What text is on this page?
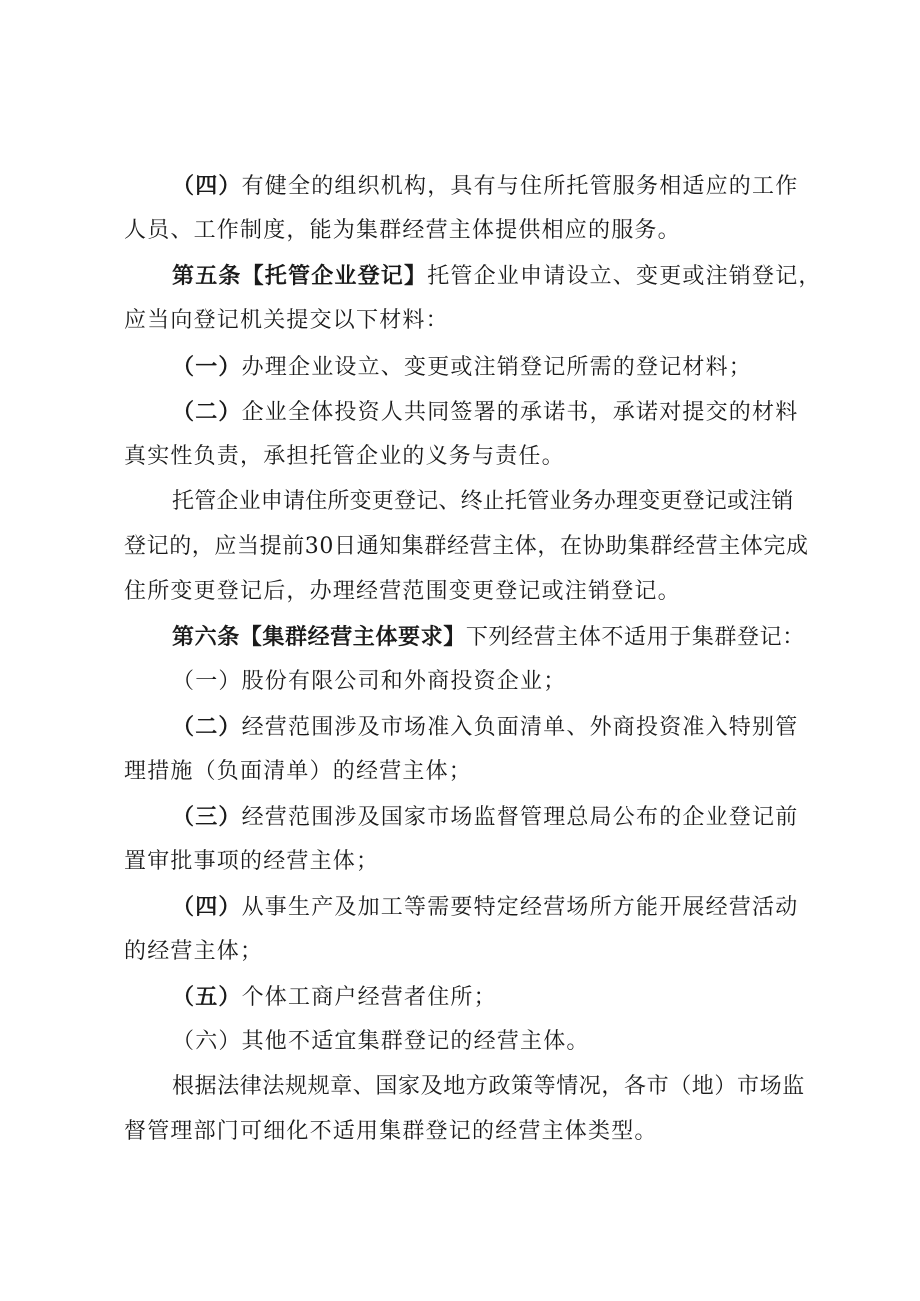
（四）有健全的组织机构，具有与住所托管服务相适应的工作
人员、工作制度，能为集群经营主体提供相应的服务。
第五条【托管企业登记】托管企业申请设立、变更或注销登记，
应当向登记机关提交以下材料：
（一）办理企业设立、变更或注销登记所需的登记材料；
（二）企业全体投资人共同签署的承诺书，承诺对提交的材料
真实性负责，承担托管企业的义务与责任。
托管企业申请住所变更登记、终止托管业务办理变更登记或注销
登记的，应当提前30日通知集群经营主体，在协助集群经营主体完成
住所变更登记后，办理经营范围变更登记或注销登记。
第六条【集群经营主体要求】下列经营主体不适用于集群登记：
（一）股份有限公司和外商投资企业；
（二）经营范围涉及市场准入负面清单、外商投资准入特别管
理措施（负面清单）的经营主体；
（三）经营范围涉及国家市场监督管理总局公布的企业登记前
置审批事项的经营主体；
（四）从事生产及加工等需要特定经营场所方能开展经营活动
的经营主体；
（五）个体工商户经营者住所；
（六）其他不适宜集群登记的经营主体。
根据法律法规规章、国家及地方政策等情况，各市（地）市场监
督管理部门可细化不适用集群登记的经营主体类型。
